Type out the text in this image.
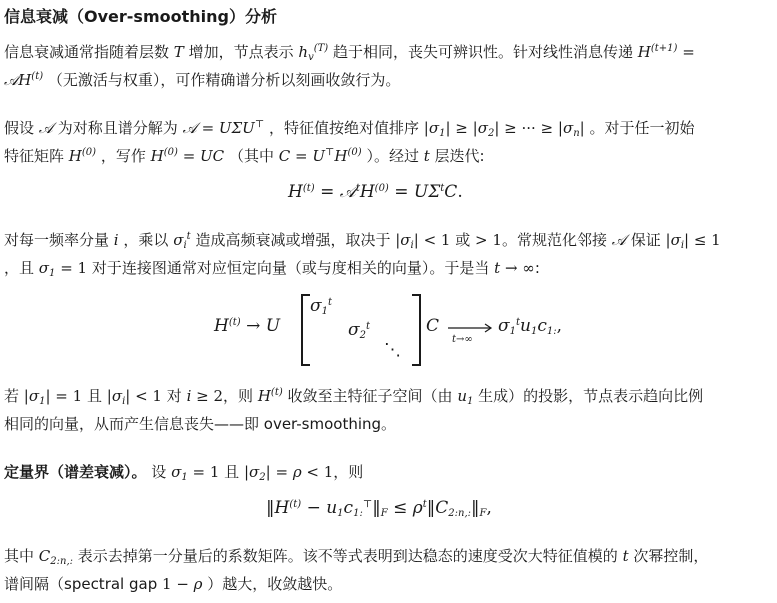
信息衰减（Over-smoothing）分析
信息衰减通常指随着层数 T 增加，节点表示 $h_v^{(T)}$ 趋于相同，丧失可辨识性。针对线性消息传递 $H^{(t+1)}$ =
𝒜H$^{(t)}$ （无激活与权重），可作精确谱分析以刻画收敛行为。
假设 𝒜 为对称且谱分解为 𝒜 = UΣU⊤ ，特征值按绝对值排序 $|\sigma_1| \ge |\sigma_2|$ ≥ ··· ≥ $|\sigma_n|$ 。对于任一初始
特征矩阵 $H^{(0)}$ ，写作 $H^{(0)}$ = UC （其中 $C = U^⊤H^{(0)}$ ）。经过 t 层迭代:
$H^{(t)}$ = $𝒜^tH^{(0)} = U\Sigma^tC$.
对每一频率分量 i ，乘以 $\sigma_i^t$ 造成高频衰减或增强，取决于 $|\sigma_i| < 1$ 或 > 1。常规范化邻接 𝒜 保证 $|\sigma_i| \le 1$
，且 $\sigma_1 = 1$ 对于连接图通常对应恒定向量（或与度相关的向量）。于是当 t → ∞:
$H^{(t)} \to U$
$\sigma_1^t$
$\sigma_2^t$
⋱
C
t→∞
$\sigma_1^tu_1c_{1:}$,
若 $|\sigma_1| = 1$ 且 $|\sigma_i| < 1$ 对 i ≥ 2，则 $H^{(t)}$ 收敛至主特征子空间（由 $u_1$ 生成）的投影，节点表示趋向比例
相同的向量，从而产生信息丧失——即 over-smoothing。
定量界（谱差衰减）。 设 $\sigma_1 = 1$ 且 $|\sigma_2| = \rho < 1$，则
$‖H^{(t)}$ − $u_1c_{1:}^⊤‖_F$ ≤ $\rho^t‖C_{2:n,:}‖_F$,
其中 $C_{2:n,:}$ 表示去掉第一分量后的系数矩阵。该不等式表明到达稳态的速度受次大特征值模的 t 次幂控制，
谱间隔（spectral gap 1 − ρ ）越大，收敛越快。
